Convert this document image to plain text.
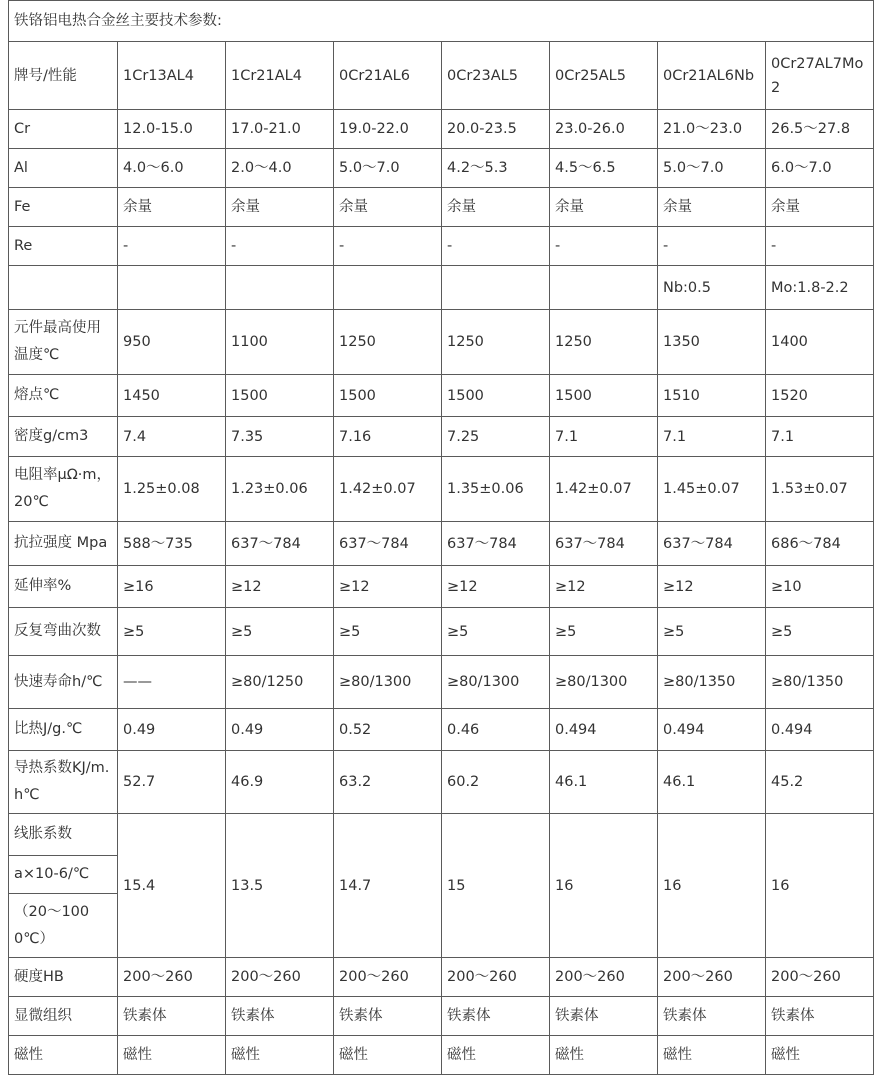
铁铬铝电热合金丝主要技术参数:							
牌号/性能	1Cr13AL4	1Cr21AL4	0Cr21AL6	0Cr23AL5	0Cr25AL5	0Cr21AL6Nb	0Cr27AL7Mo2
Cr	12.0-15.0	17.0-21.0	19.0-22.0	20.0-23.5	23.0-26.0	21.0～23.0	26.5～27.8
Al	4.0～6.0	2.0～4.0	5.0～7.0	4.2～5.3	4.5～6.5	5.0～7.0	6.0～7.0
Fe	余量	余量	余量	余量	余量	余量	余量
Re	-	-	-	-	-	-	-
						Nb:0.5	Mo:1.8-2.2
元件最高使用温度℃	950	1100	1250	1250	1250	1350	1400
熔点℃	1450	1500	1500	1500	1500	1510	1520
密度g/cm3	7.4	7.35	7.16	7.25	7.1	7.1	7.1
电阻率μΩ·m，20℃	1.25±0.08	1.23±0.06	1.42±0.07	1.35±0.06	1.42±0.07	1.45±0.07	1.53±0.07
抗拉强度 Mpa	588～735	637～784	637～784	637～784	637～784	637～784	686～784
延伸率%	≥16	≥12	≥12	≥12	≥12	≥12	≥10
反复弯曲次数	≥5	≥5	≥5	≥5	≥5	≥5	≥5
快速寿命h/℃	——	≥80/1250	≥80/1300	≥80/1300	≥80/1300	≥80/1350	≥80/1350
比热J/g.℃	0.49	0.49	0.52	0.46	0.494	0.494	0.494
导热系数KJ/m.h℃	52.7	46.9	63.2	60.2	46.1	46.1	45.2
线胀系数	15.4	13.5	14.7	15	16	16	16
a×10-6/℃							
（20～1000℃）							
硬度HB	200～260	200～260	200～260	200～260	200～260	200～260	200～260
显微组织	铁素体	铁素体	铁素体	铁素体	铁素体	铁素体	铁素体
磁性	磁性	磁性	磁性	磁性	磁性	磁性	磁性
